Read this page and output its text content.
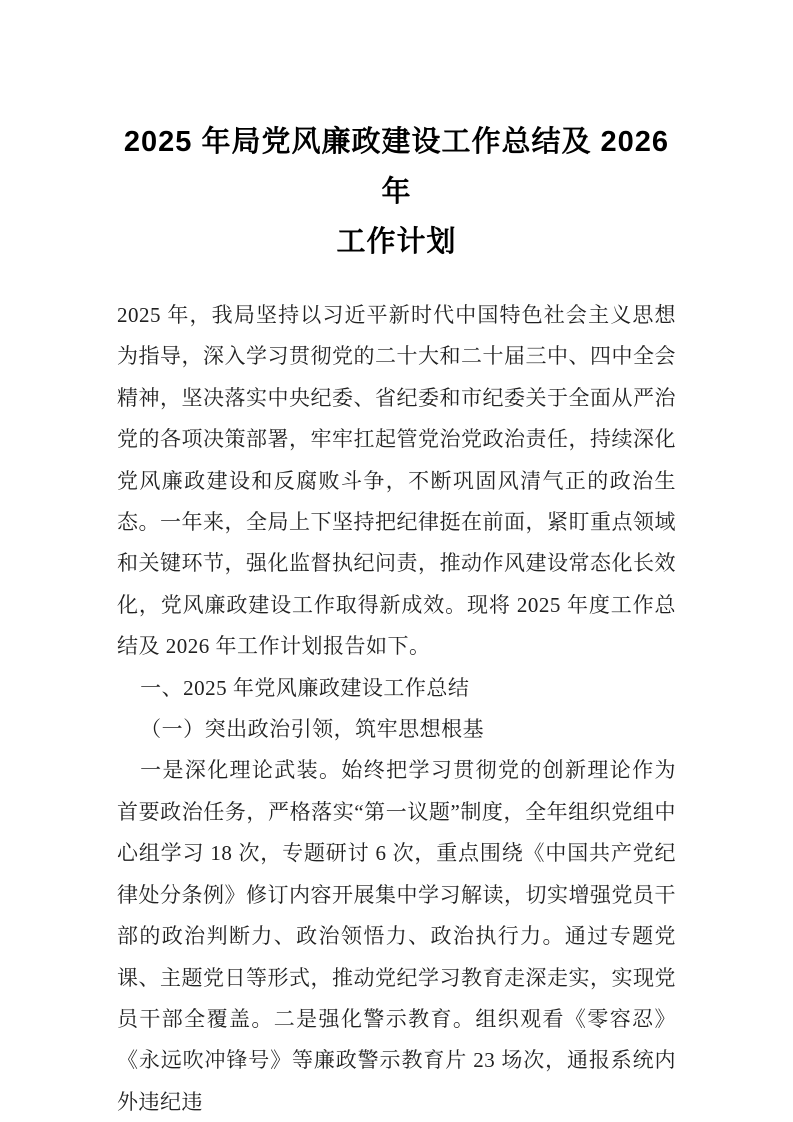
2025 年局党风廉政建设工作总结及 2026 年
工作计划
2025 年，我局坚持以习近平新时代中国特色社会主义思想为指导，深入学习贯彻党的二十大和二十届三中、四中全会精神，坚决落实中央纪委、省纪委和市纪委关于全面从严治党的各项决策部署，牢牢扛起管党治党政治责任，持续深化党风廉政建设和反腐败斗争，不断巩固风清气正的政治生态。一年来，全局上下坚持把纪律挺在前面，紧盯重点领域和关键环节，强化监督执纪问责，推动作风建设常态化长效化，党风廉政建设工作取得新成效。现将 2025 年度工作总结及 2026 年工作计划报告如下。
一、2025 年党风廉政建设工作总结
（一）突出政治引领，筑牢思想根基
一是深化理论武装。始终把学习贯彻党的创新理论作为首要政治任务，严格落实“第一议题”制度，全年组织党组中心组学习 18 次，专题研讨 6 次，重点围绕《中国共产党纪律处分条例》修订内容开展集中学习解读，切实增强党员干部的政治判断力、政治领悟力、政治执行力。通过专题党课、主题党日等形式，推动党纪学习教育走深走实，实现党员干部全覆盖。二是强化警示教育。组织观看《零容忍》《永远吹冲锋号》等廉政警示教育片 23 场次，通报系统内外违纪违
